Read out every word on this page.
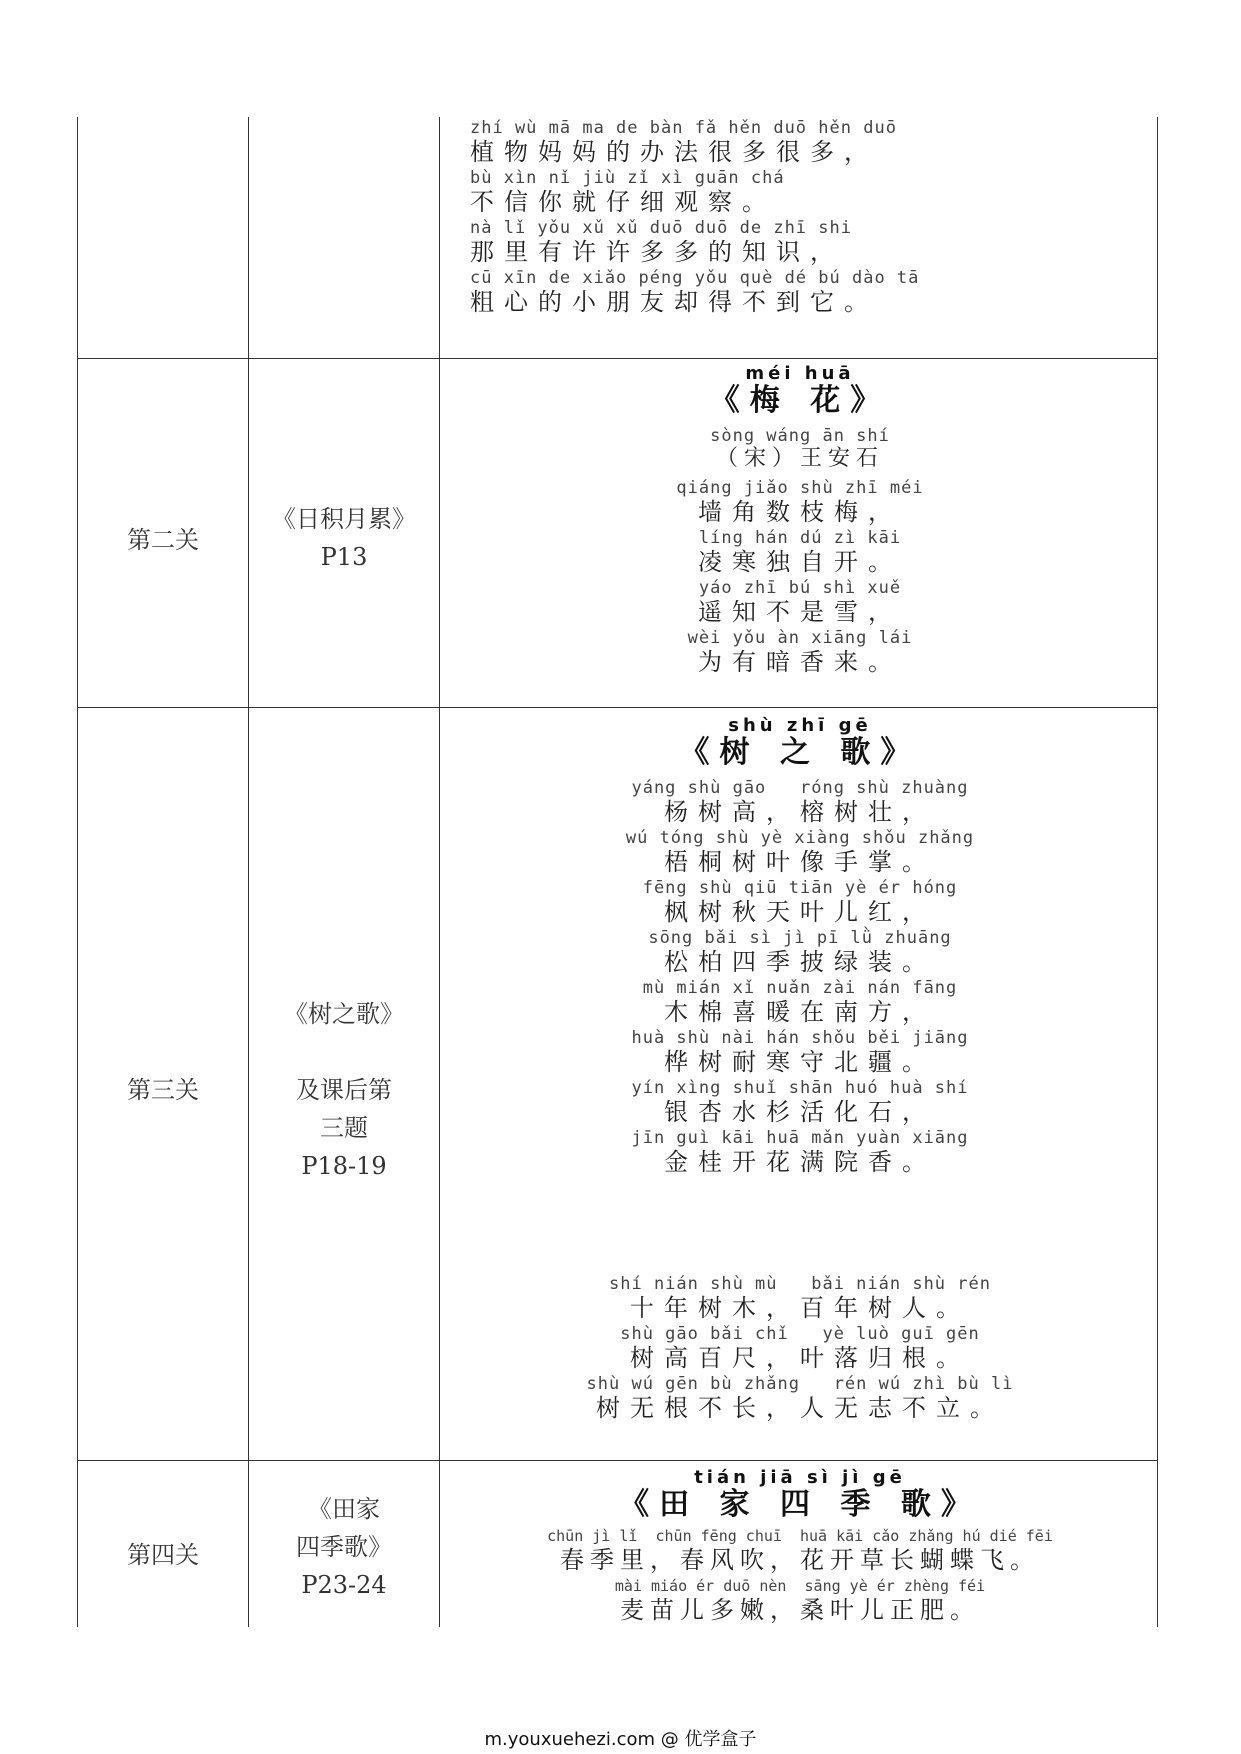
zhí wù mā ma de bàn fǎ hěn duō hěn duō
植物妈妈的办法很多很多，
bù xìn nǐ jiù zǐ xì guān chá
不信你就仔细观察。
nà lǐ yǒu xǔ xǔ duō duō de zhī shi
那里有许许多多的知识，
cū xīn de xiǎo péng yǒu què dé bú dào tā
粗心的小朋友却得不到它。
第二关
《日积月累》
P13
méi huā
《梅 花》
sòng wáng ān shí
（宋）王安石
qiáng jiǎo shù zhī méi
墙角数枝梅，
líng hán dú zì kāi
凌寒独自开。
yáo zhī bú shì xuě
遥知不是雪，
wèi yǒu àn xiāng lái
为有暗香来。
第三关
《树之歌》

及课后第
三题
P18-19
shù zhī gē
《树 之 歌》
yáng shù gāo   róng shù zhuàng
杨树高，榕树壮，
wú tóng shù yè xiàng shǒu zhǎng
梧桐树叶像手掌。
fēng shù qiū tiān yè ér hóng
枫树秋天叶儿红，
sōng bǎi sì jì pī lǜ zhuāng
松柏四季披绿装。
mù mián xǐ nuǎn zài nán fāng
木棉喜暖在南方，
huà shù nài hán shǒu běi jiāng
桦树耐寒守北疆。
yín xìng shuǐ shān huó huà shí
银杏水杉活化石，
jīn guì kāi huā mǎn yuàn xiāng
金桂开花满院香。
shí nián shù mù   bǎi nián shù rén
十年树木，百年树人。
shù gāo bǎi chǐ   yè luò guī gēn
树高百尺，叶落归根。
shù wú gēn bù zhǎng   rén wú zhì bù lì
树无根不长，人无志不立。
第四关
《田家
四季歌》
P23-24
tián jiā sì jì gē
《田 家 四 季 歌》
chūn jì lǐ  chūn fēng chuī  huā kāi cǎo zhǎng hú dié fēi
春季里，春风吹，花开草长蝴蝶飞。
mài miáo ér duō nèn  sāng yè ér zhèng féi
麦苗儿多嫩，桑叶儿正肥。
m.youxuehezi.com @ 优学盒子
